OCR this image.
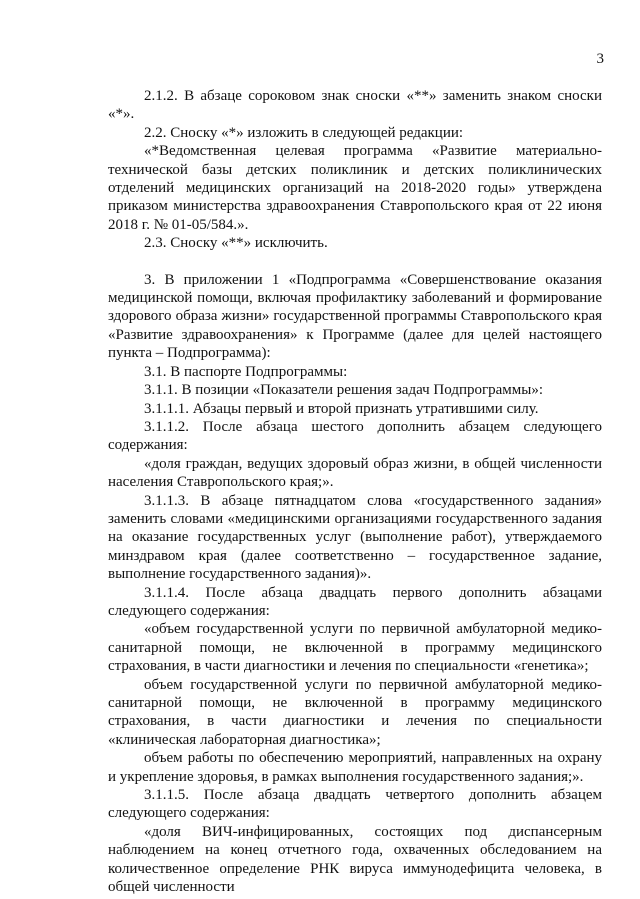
3

2.1.2. В абзаце сороковом знак сноски «**» заменить знаком сноски «*».

2.2. Сноску «*» изложить в следующей редакции:

«*Ведомственная целевая программа «Развитие материально-технической базы детских поликлиник и детских поликлинических отделений медицинских организаций на 2018-2020 годы» утверждена приказом министерства здравоохранения Ставропольского края от 22 июня 2018 г. № 01-05/584.».

2.3. Сноску «**» исключить.

3. В приложении 1 «Подпрограмма «Совершенствование оказания медицинской помощи, включая профилактику заболеваний и формирование здорового образа жизни» государственной программы Ставропольского края «Развитие здравоохранения» к Программе (далее для целей настоящего пункта – Подпрограмма):

3.1. В паспорте Подпрограммы:

3.1.1. В позиции «Показатели решения задач Подпрограммы»:

3.1.1.1. Абзацы первый и второй признать утратившими силу.

3.1.1.2. После абзаца шестого дополнить абзацем следующего содержания:

«доля граждан, ведущих здоровый образ жизни, в общей численности населения Ставропольского края;».

3.1.1.3. В абзаце пятнадцатом слова «государственного задания» заменить словами «медицинскими организациями государственного задания на оказание государственных услуг (выполнение работ), утверждаемого минздравом края (далее соответственно – государственное задание, выполнение государственного задания)».

3.1.1.4. После абзаца двадцать первого дополнить абзацами следующего содержания:

«объем государственной услуги по первичной амбулаторной медико-санитарной помощи, не включенной в программу медицинского страхования, в части диагностики и лечения по специальности «генетика»;

объем государственной услуги по первичной амбулаторной медико-санитарной помощи, не включенной в программу медицинского страхования, в части диагностики и лечения по специальности «клиническая лабораторная диагностика»;

объем работы по обеспечению мероприятий, направленных на охрану и укрепление здоровья, в рамках выполнения государственного задания;».

3.1.1.5. После абзаца двадцать четвертого дополнить абзацем следующего содержания:

«доля ВИЧ-инфицированных, состоящих под диспансерным наблюдением на конец отчетного года, охваченных обследованием на количественное определение РНК вируса иммунодефицита человека, в общей численности
